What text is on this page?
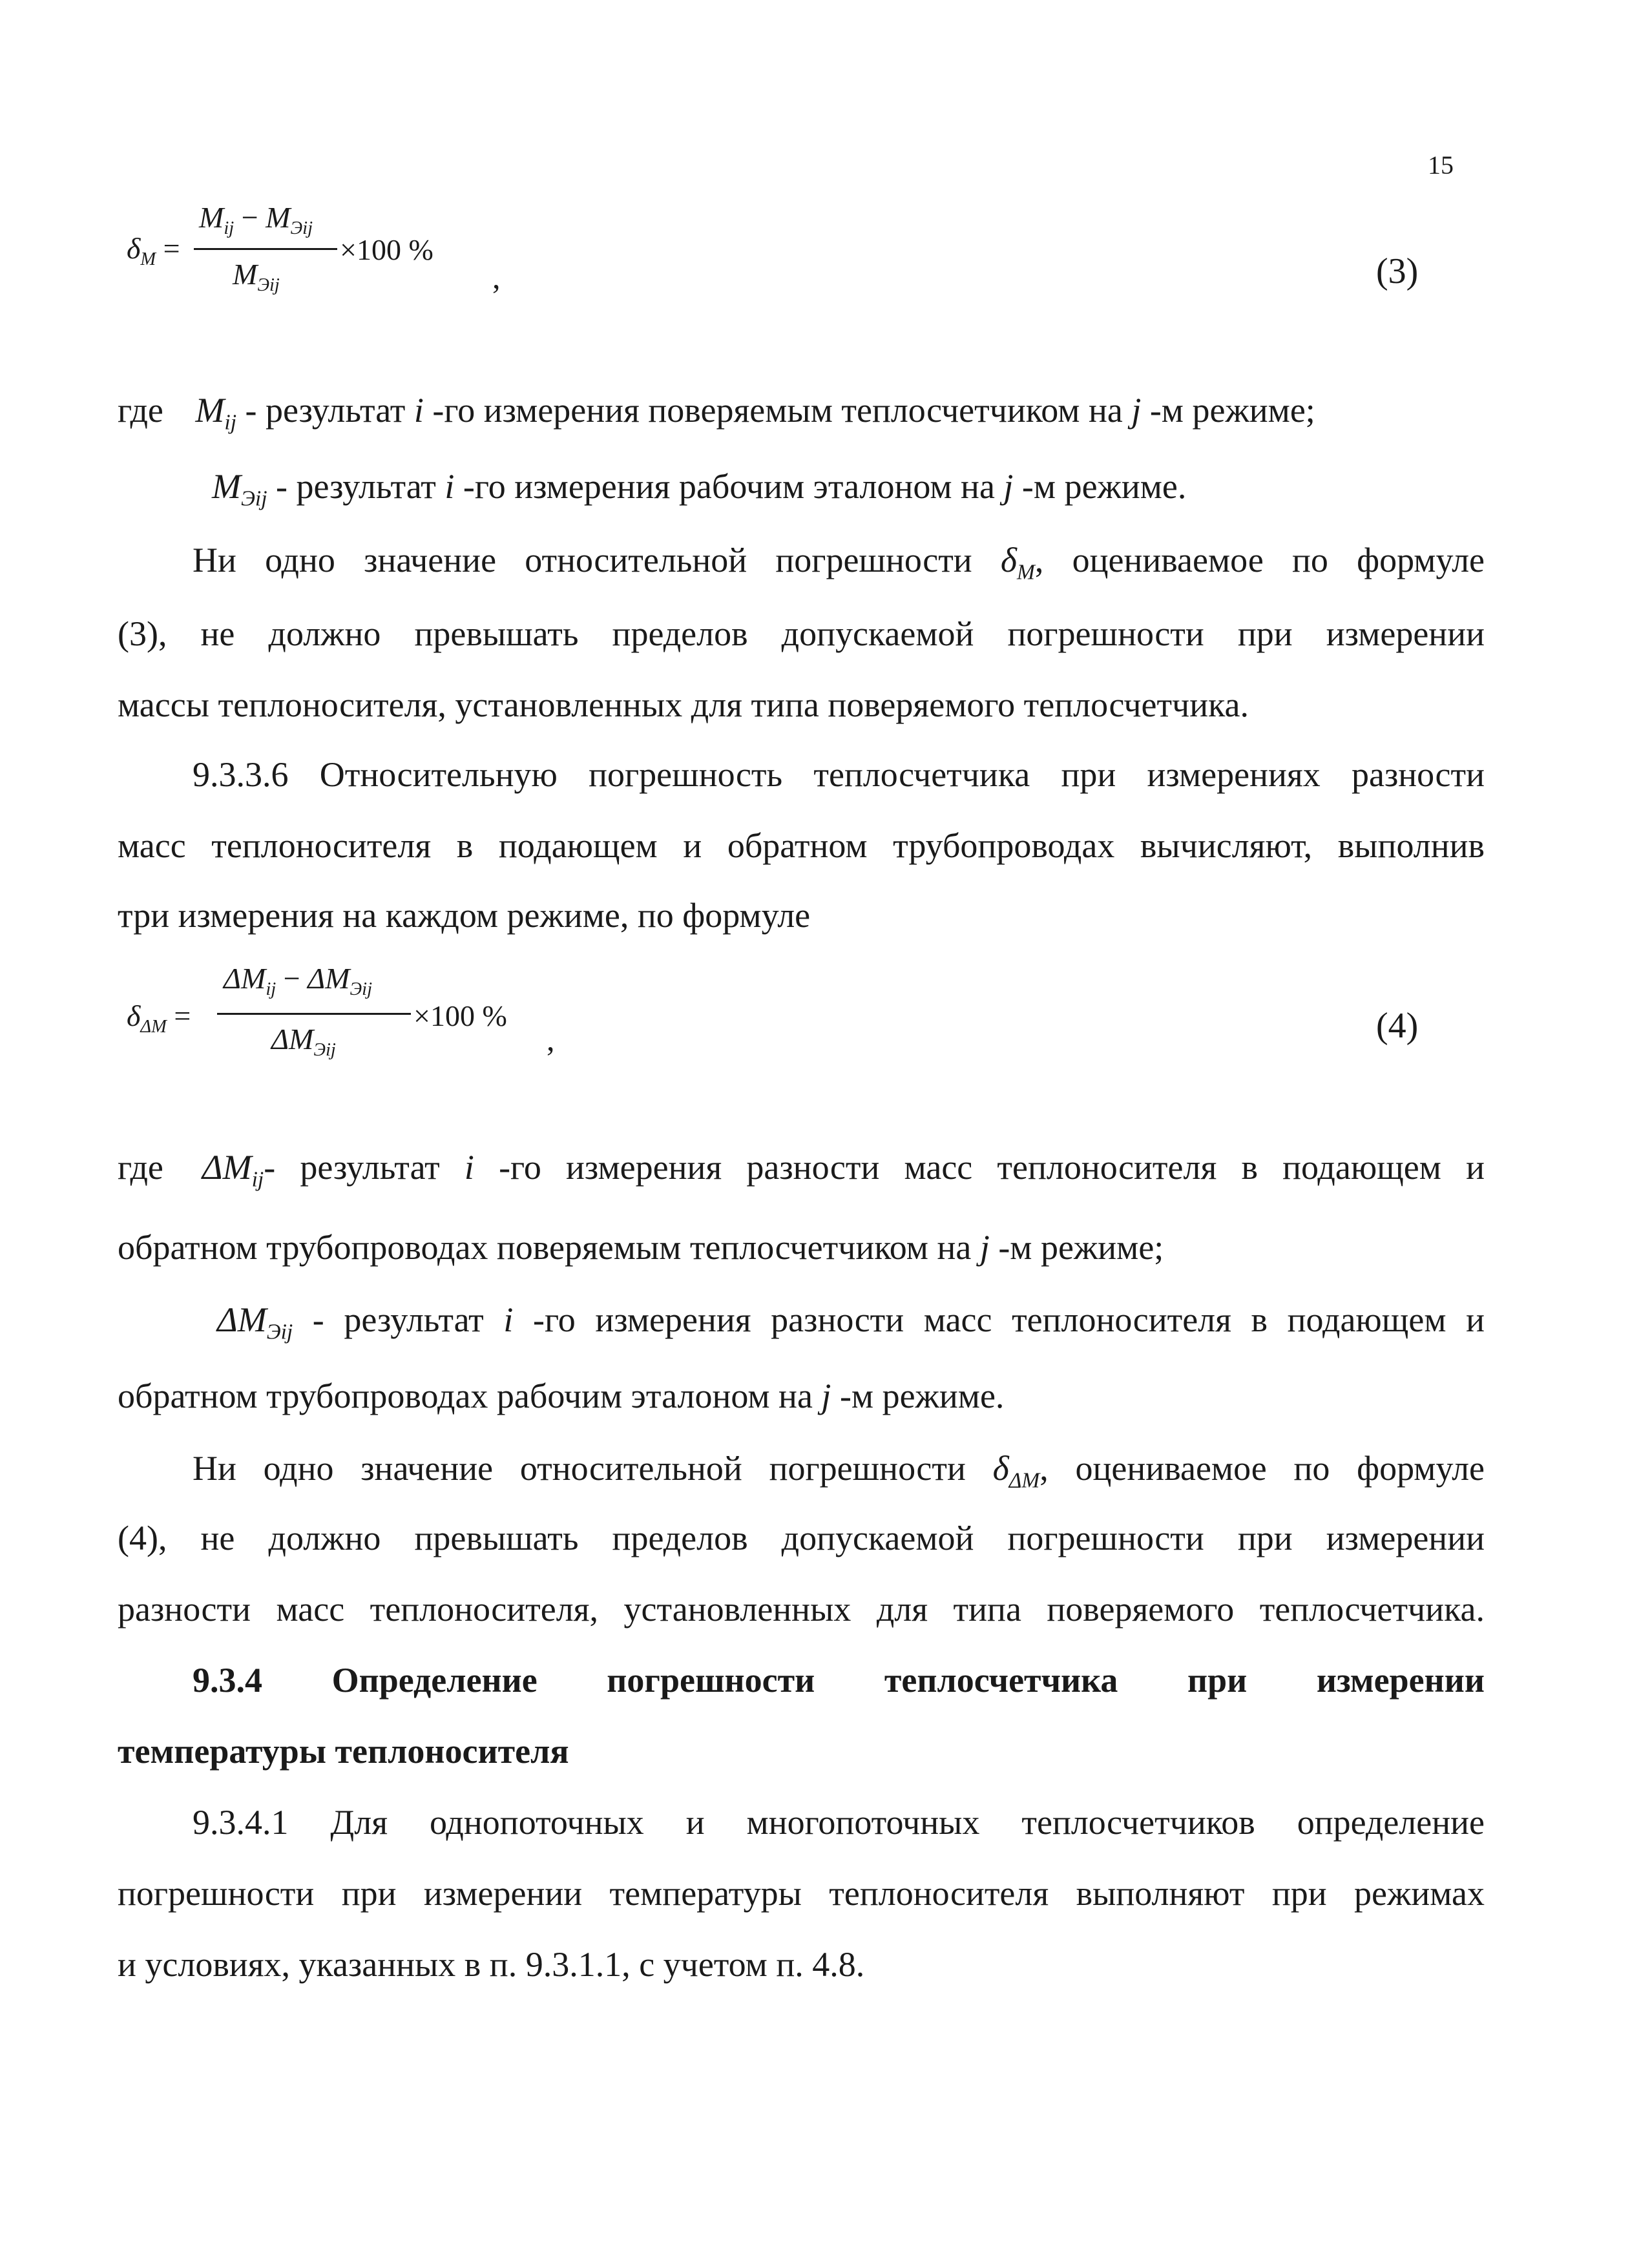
15
$\delta_M$ =
$M_{ij} - M_{Эij}$
$M_{Эij}$
×100 %
,	(3)
где $M_{ij}$ - результат i -го измерения поверяемым теплосчетчиком на j -м режиме;
$M_{Эij}$ - результат i -го измерения рабочим эталоном на j -м режиме.
Ни одно значение относительной погрешности $\delta_M$, оцениваемое по формуле
(3), не должно превышать пределов допускаемой погрешности при измерении
массы теплоносителя, установленных для типа поверяемого теплосчетчика.
9.3.3.6 Относительную погрешность теплосчетчика при измерениях разности
масс теплоносителя в подающем и обратном трубопроводах вычисляют, выполнив
три измерения на каждом режиме, по формуле
$\delta_{\Delta M}$ =
$\Delta M_{ij} - \Delta M_{Эij}$
$\Delta M_{Эij}$
×100 %
,	(4)
где $\Delta M_{ij}-$ результат i -го измерения разности масс теплоносителя в подающем и
обратном трубопроводах поверяемым теплосчетчиком на j -м режиме;
$\Delta M_{Эij}$ - результат i -го измерения разности масс теплоносителя в подающем и
обратном трубопроводах рабочим эталоном на j -м режиме.
Ни одно значение относительной погрешности $\delta_{\Delta M}$, оцениваемое по формуле
(4), не должно превышать пределов допускаемой погрешности при измерении
разности масс теплоносителя, установленных для типа поверяемого теплосчетчика.
9.3.4 Определение погрешности теплосчетчика при измерении
температуры теплоносителя
9.3.4.1 Для однопоточных и многопоточных теплосчетчиков определение
погрешности при измерении температуры теплоносителя выполняют при режимах
и условиях, указанных в п. 9.3.1.1, с учетом п. 4.8.
